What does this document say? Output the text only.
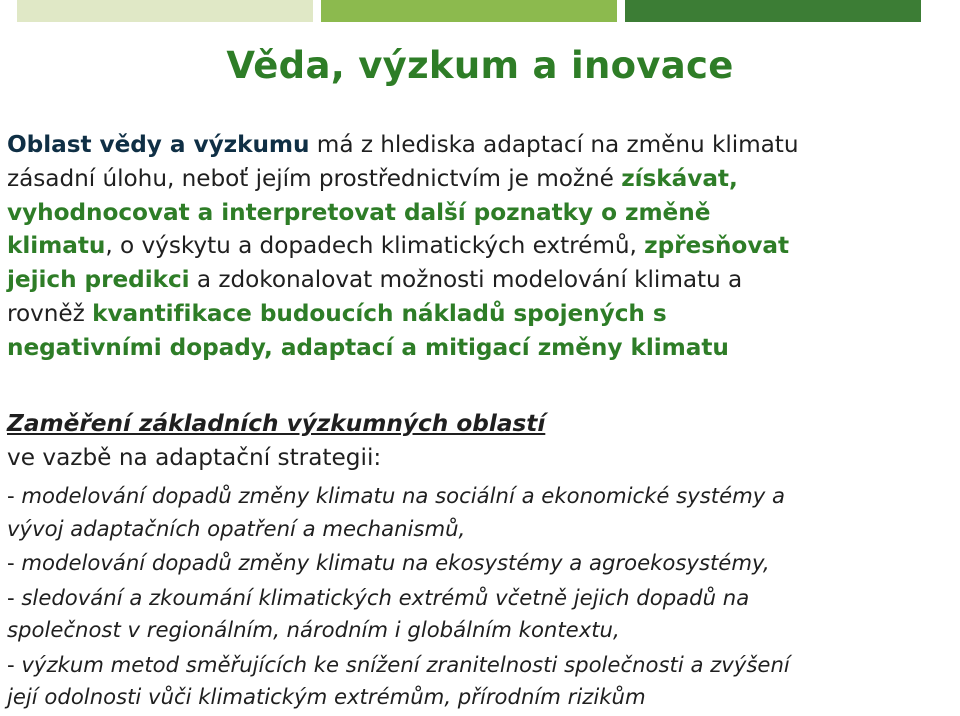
Věda, výzkum a inovace

Oblast vědy a výzkumu má z hlediska adaptací na změnu klimatu
zásadní úlohu, neboť jejím prostřednictvím je možné získávat,
vyhodnocovat a interpretovat další poznatky o změně
klimatu, o výskytu a dopadech klimatických extrémů, zpřesňovat
jejich predikci a zdokonalovat možnosti modelování klimatu a
rovněž kvantifikace budoucích nákladů spojených s
negativními dopady, adaptací a mitigací změny klimatu

Zaměření základních výzkumných oblastí
ve vazbě na adaptační strategii:
- modelování dopadů změny klimatu na sociální a ekonomické systémy a
vývoj adaptačních opatření a mechanismů,
- modelování dopadů změny klimatu na ekosystémy a agroekosystémy,
- sledování a zkoumání klimatických extrémů včetně jejich dopadů na
společnost v regionálním, národním i globálním kontextu,
- výzkum metod směřujících ke snížení zranitelnosti společnosti a zvýšení
její odolnosti vůči klimatickým extrémům, přírodním rizikům
